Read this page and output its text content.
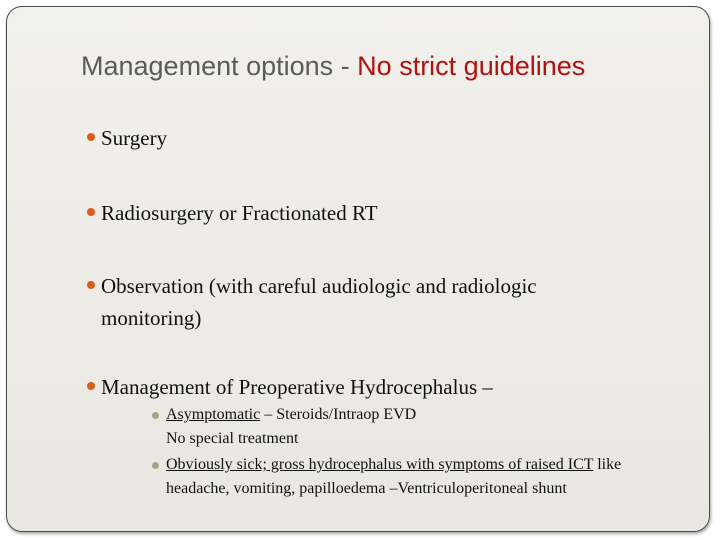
Management options - No strict guidelines
Surgery
Radiosurgery or Fractionated RT
Observation (with careful audiologic and radiologic
monitoring)
Management of Preoperative Hydrocephalus –
Asymptomatic – Steroids/Intraop EVD
No special treatment
Obviously sick; gross hydrocephalus with symptoms of raised ICT like
headache, vomiting, papilloedema –Ventriculoperitoneal shunt
